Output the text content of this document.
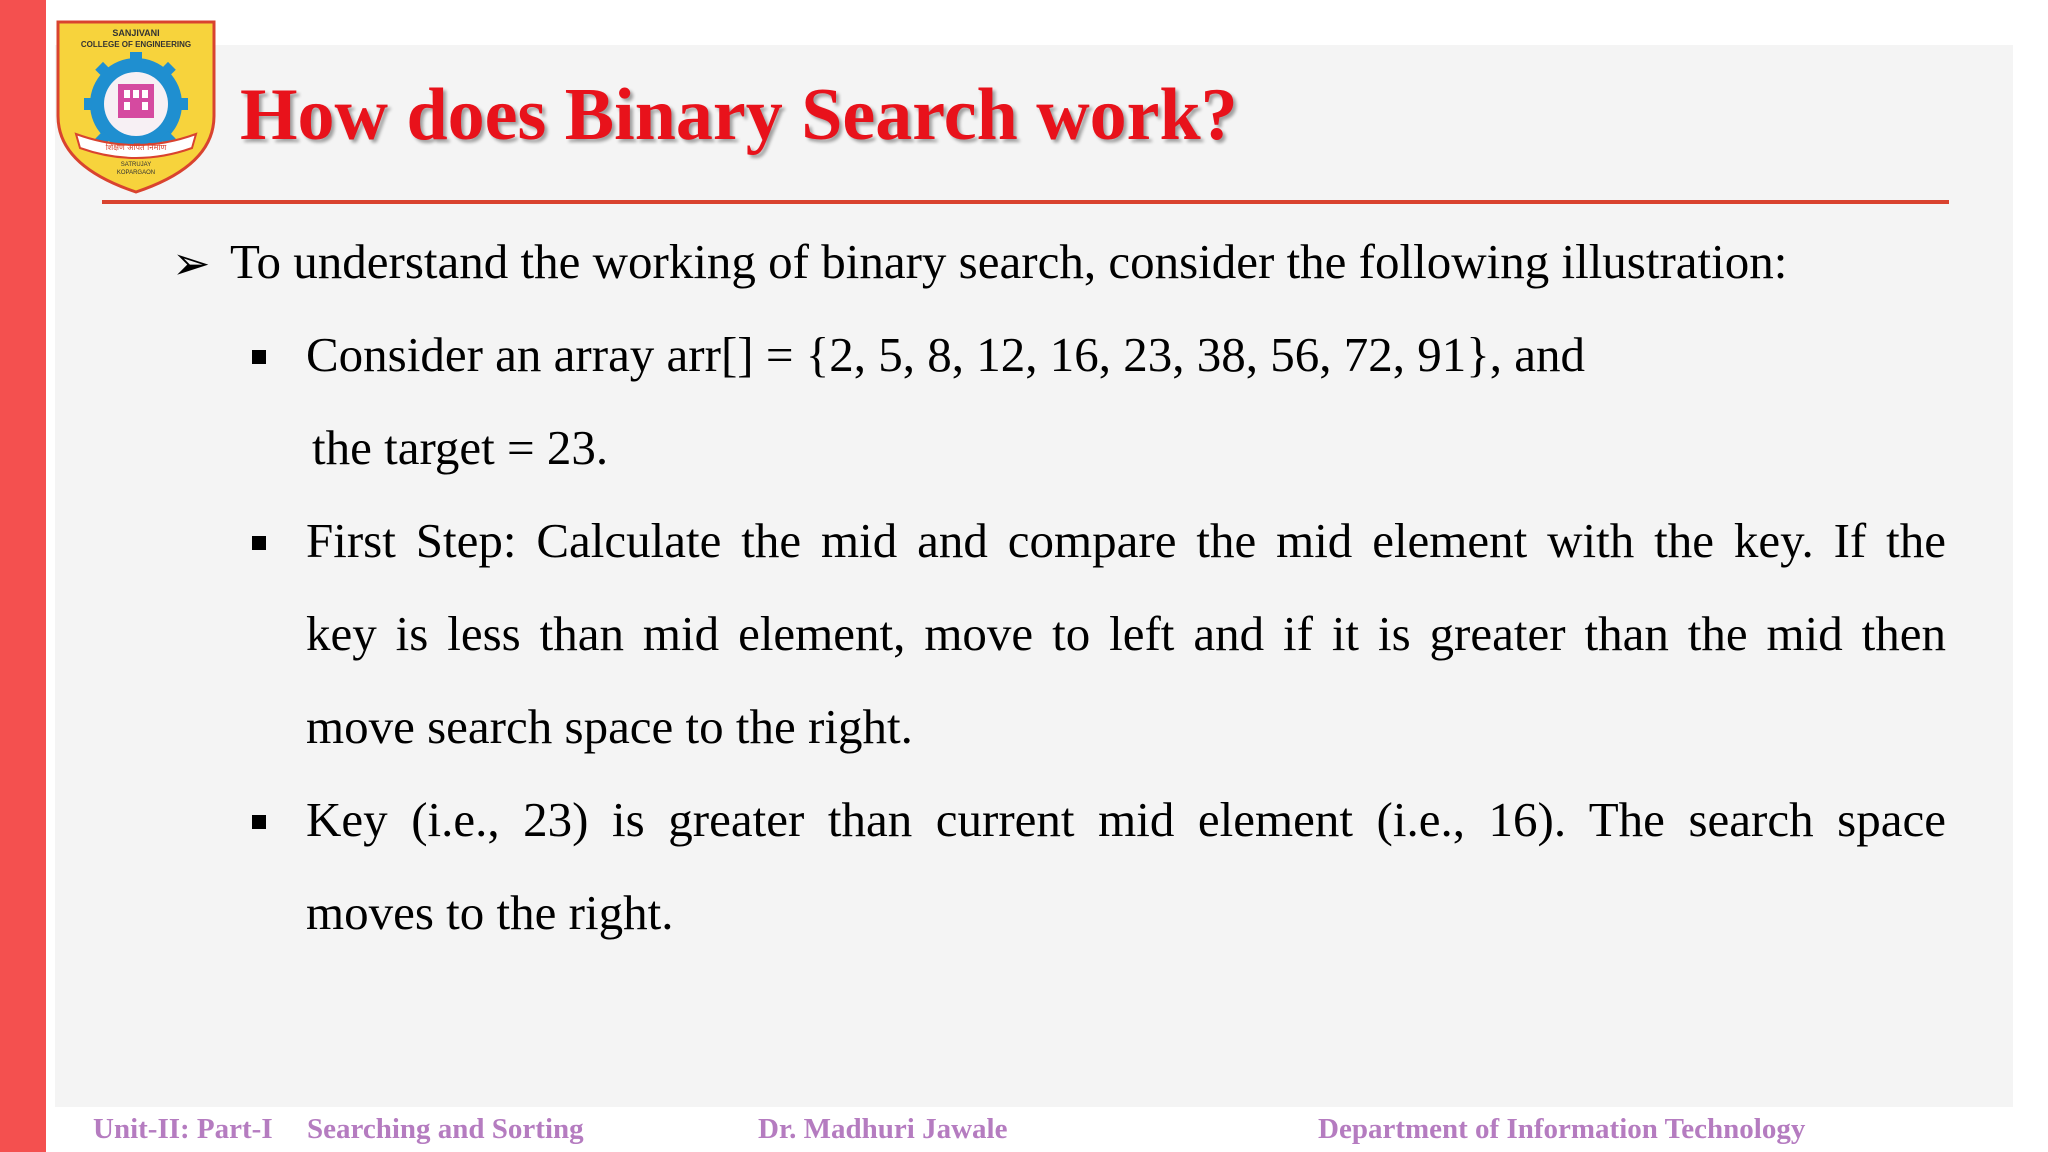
SANJIVANI
COLLEGE OF ENGINEERING
शिक्षण अर्पित निर्माण
SATRUJAY
KOPARGAON
How does Binary Search work?
➢ To understand the working of binary search, consider the following illustration:
Consider an array arr[] = {2, 5, 8, 12, 16, 23, 38, 56, 72, 91}, and
the target = 23.
First Step: Calculate the mid and compare the mid element with the key. If the
key is less than mid element, move to left and if it is greater than the mid then
move search space to the right.
Key (i.e., 23) is greater than current mid element (i.e., 16). The search space
moves to the right.
Unit-II: Part-I Searching and Sorting	Dr. Madhuri Jawale	Department of Information Technology
